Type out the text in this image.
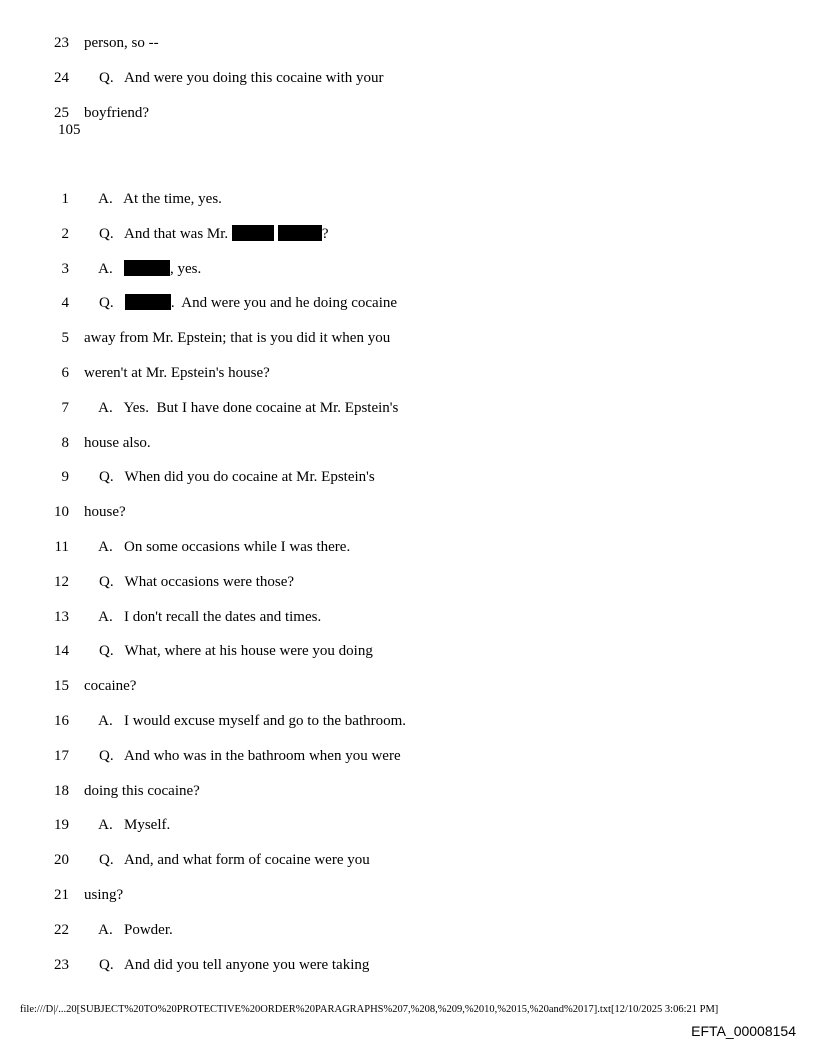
23 person, so --
24 Q.   And were you doing this cocaine with your
25 boyfriend?
105
1 A.   At the time, yes.
2 Q.   And that was Mr.	?
3 A.	, yes.
4 Q.	.  And were you and he doing cocaine
5 away from Mr. Epstein; that is you did it when you
6 weren't at Mr. Epstein's house?
7 A.   Yes.  But I have done cocaine at Mr. Epstein's
8 house also.
9 Q.   When did you do cocaine at Mr. Epstein's
10 house?
11 A.   On some occasions while I was there.
12 Q.   What occasions were those?
13 A.   I don't recall the dates and times.
14 Q.   What, where at his house were you doing
15 cocaine?
16 A.   I would excuse myself and go to the bathroom.
17 Q.   And who was in the bathroom when you were
18 doing this cocaine?
19 A.   Myself.
20 Q.   And, and what form of cocaine were you
21 using?
22 A.   Powder.
23 Q.   And did you tell anyone you were taking
file:///D|/...20[SUBJECT%20TO%20PROTECTIVE%20ORDER%20PARAGRAPHS%207,%208,%209,%2010,%2015,%20and%2017].txt[12/10/2025 3:06:21 PM]
EFTA_00008154
